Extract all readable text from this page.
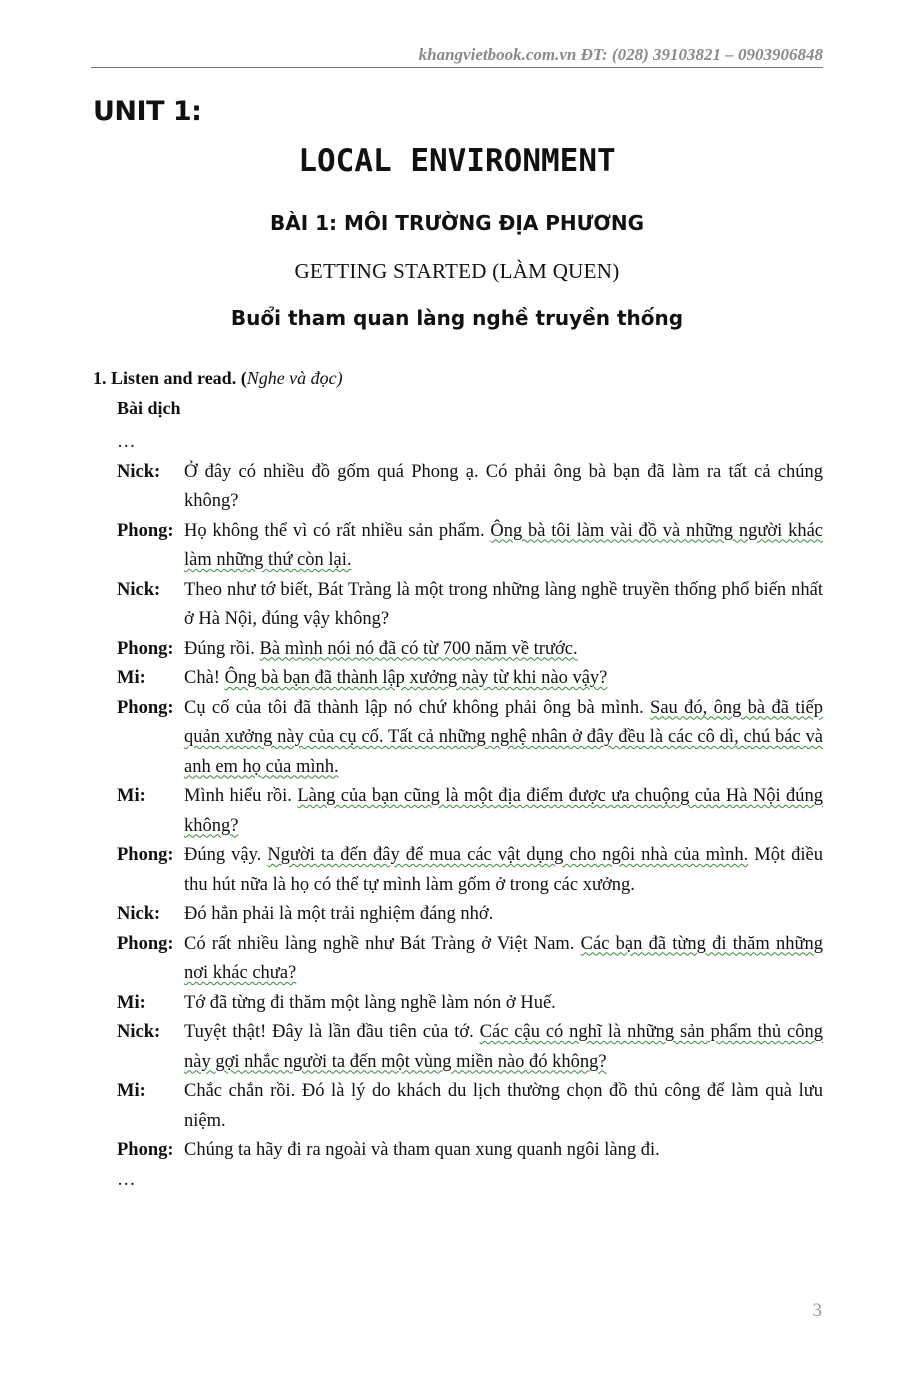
khangvietbook.com.vn ĐT: (028) 39103821 – 0903906848
UNIT 1:
LOCAL ENVIRONMENT
BÀI 1: MÔI TRƯỜNG ĐỊA PHƯƠNG
GETTING STARTED (LÀM QUEN)
Buổi tham quan làng nghề truyền thống
1. Listen and read. (Nghe và đọc)
Bài dịch
…
Nick:	Ở đây có nhiều đồ gốm quá Phong ạ. Có phải ông bà bạn đã làm ra tất cả chúng không?
Phong: Họ không thể vì có rất nhiều sản phẩm. Ông bà tôi làm vài đồ và những người khác làm những thứ còn lại.
Nick:	Theo như tớ biết, Bát Tràng là một trong những làng nghề truyền thống phổ biến nhất ở Hà Nội, đúng vậy không?
Phong: Đúng rồi. Bà mình nói nó đã có từ 700 năm về trước.
Mi:	Chà! Ông bà bạn đã thành lập xưởng này từ khi nào vậy?
Phong: Cụ cố của tôi đã thành lập nó chứ không phải ông bà mình. Sau đó, ông bà đã tiếp quản xưởng này của cụ cố. Tất cả những nghệ nhân ở đây đều là các cô dì, chú bác và anh em họ của mình.
Mi:	Mình hiểu rồi. Làng của bạn cũng là một địa điểm được ưa chuộng của Hà Nội đúng không?
Phong: Đúng vậy. Người ta đến đây để mua các vật dụng cho ngôi nhà của mình. Một điều thu hút nữa là họ có thể tự mình làm gốm ở trong các xưởng.
Nick:	Đó hẳn phải là một trải nghiệm đáng nhớ.
Phong: Có rất nhiều làng nghề như Bát Tràng ở Việt Nam. Các bạn đã từng đi thăm những nơi khác chưa?
Mi:	Tớ đã từng đi thăm một làng nghề làm nón ở Huế.
Nick:	Tuyệt thật! Đây là lần đầu tiên của tớ. Các cậu có nghĩ là những sản phẩm thủ công này gợi nhắc người ta đến một vùng miền nào đó không?
Mi:	Chắc chắn rồi. Đó là lý do khách du lịch thường chọn đồ thủ công để làm quà lưu niệm.
Phong: Chúng ta hãy đi ra ngoài và tham quan xung quanh ngôi làng đi.
…
3
